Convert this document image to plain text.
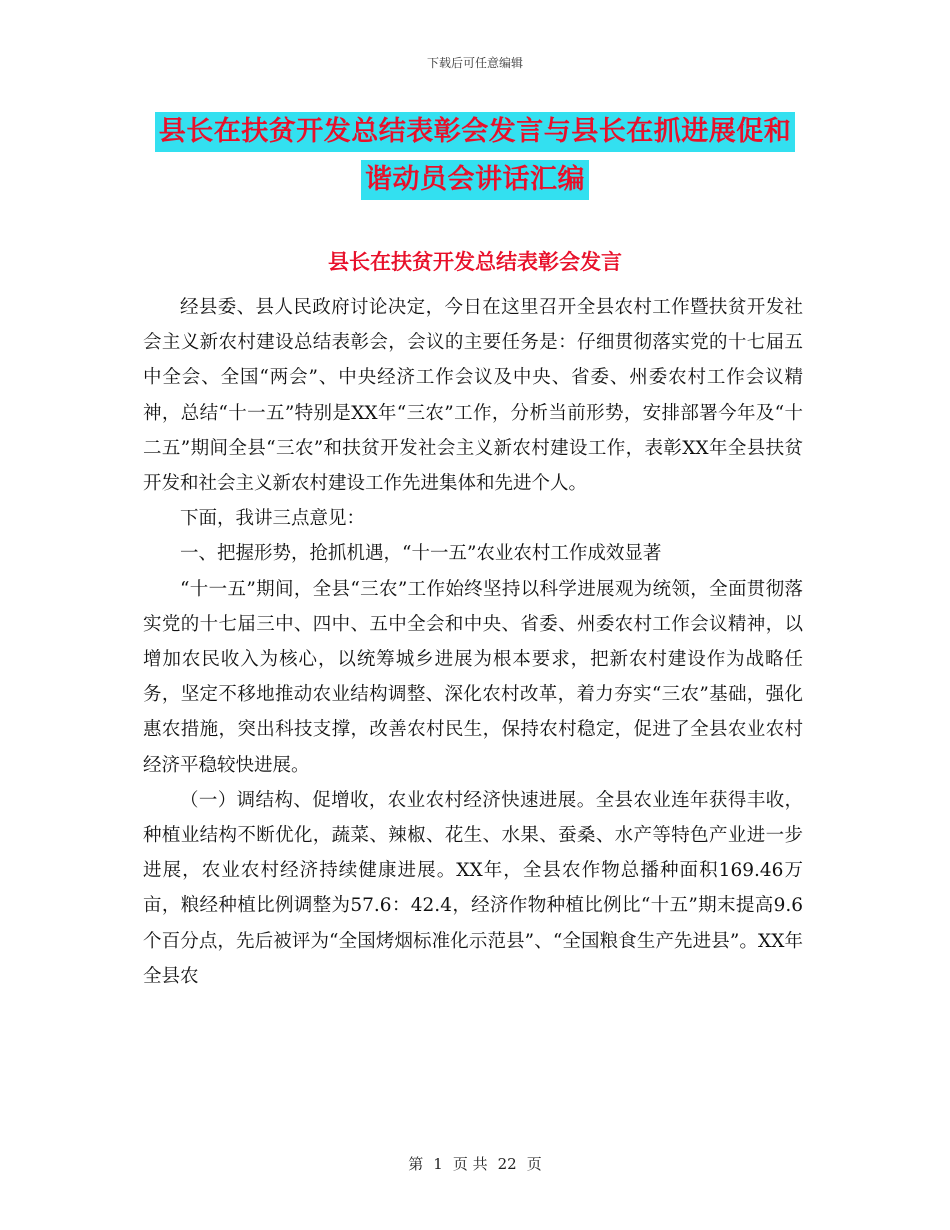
下载后可任意编辑
县长在扶贫开发总结表彰会发言与县长在抓进展促和
谐动员会讲话汇编
县长在扶贫开发总结表彰会发言

经县委、县人民政府讨论决定，今日在这里召开全县农村工作暨扶贫开发社会主义新农村建设总结表彰会，会议的主要任务是：仔细贯彻落实党的十七届五中全会、全国“两会”、中央经济工作会议及中央、省委、州委农村工作会议精神，总结“十一五”特别是XX年“三农”工作，分析当前形势，安排部署今年及“十二五”期间全县“三农”和扶贫开发社会主义新农村建设工作，表彰XX年全县扶贫开发和社会主义新农村建设工作先进集体和先进个人。

下面，我讲三点意见：

一、把握形势，抢抓机遇，“十一五”农业农村工作成效显著

“十一五”期间，全县“三农”工作始终坚持以科学进展观为统领，全面贯彻落实党的十七届三中、四中、五中全会和中央、省委、州委农村工作会议精神，以增加农民收入为核心，以统筹城乡进展为根本要求，把新农村建设作为战略任务，坚定不移地推动农业结构调整、深化农村改革，着力夯实“三农”基础，强化惠农措施，突出科技支撑，改善农村民生，保持农村稳定，促进了全县农业农村经济平稳较快进展。

（一）调结构、促增收，农业农村经济快速进展。全县农业连年获得丰收，种植业结构不断优化，蔬菜、辣椒、花生、水果、蚕桑、水产等特色产业进一步进展，农业农村经济持续健康进展。XX年，全县农作物总播种面积169.46万亩，粮经种植比例调整为57.6：42.4，经济作物种植比例比“十五”期末提高9.6个百分点，先后被评为“全国烤烟标准化示范县”、“全国粮食生产先进县”。XX年全县农

第 1 页 共 22 页
